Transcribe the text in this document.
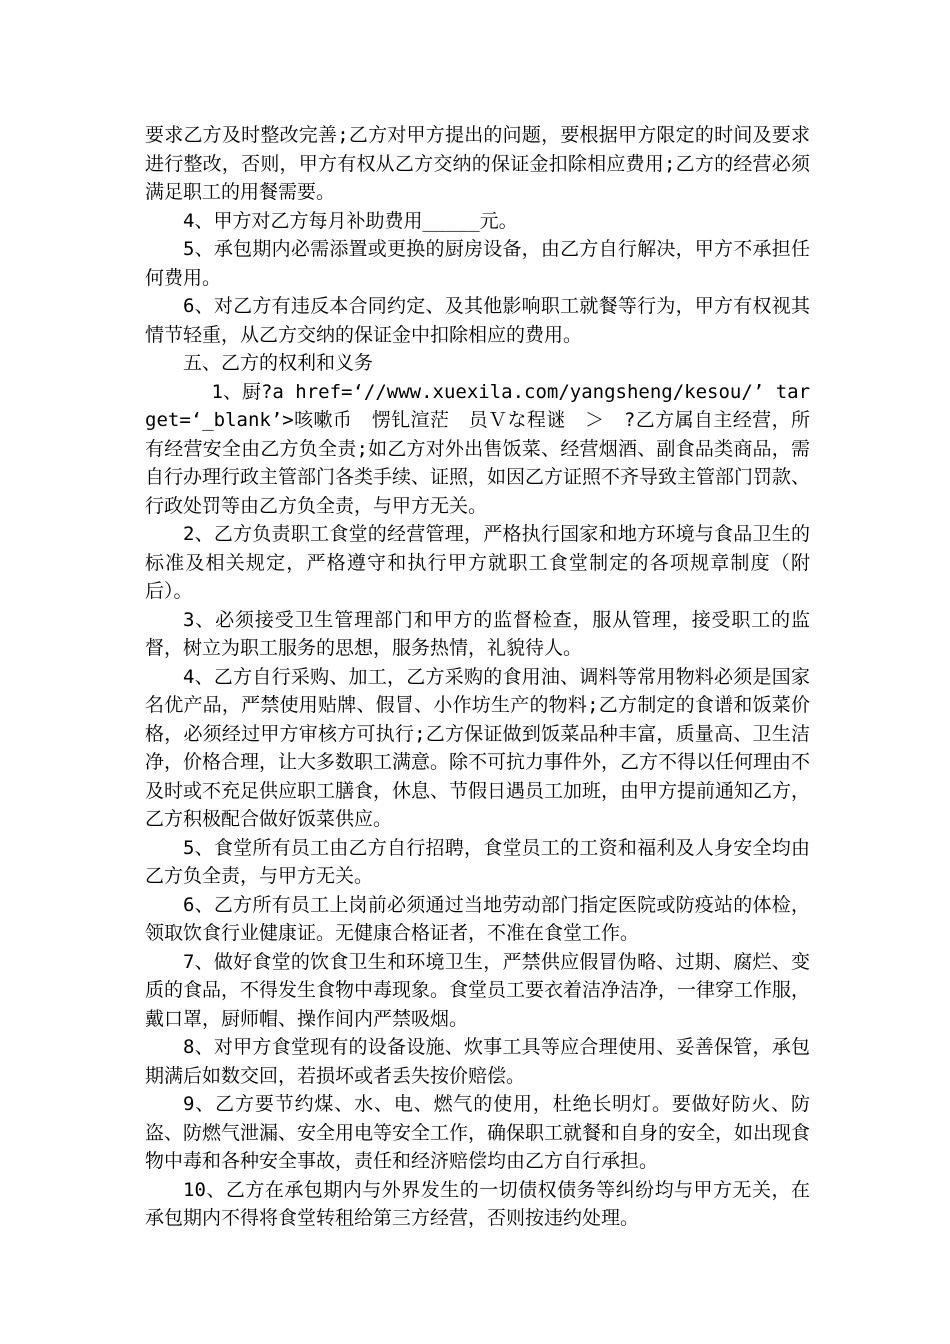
要求乙方及时整改完善;乙方对甲方提出的问题，要根据甲方限定的时间及要求进行整改，否则，甲方有权从乙方交纳的保证金扣除相应费用;乙方的经营必须满足职工的用餐需要。

4、甲方对乙方每月补助费用_____元。

5、承包期内必需添置或更换的厨房设备，由乙方自行解决，甲方不承担任何费用。

6、对乙方有违反本合同约定、及其他影响职工就餐等行为，甲方有权视其情节轻重，从乙方交纳的保证金中扣除相应的费用。

五、乙方的权利和义务

1、厨?a href=‘//www.xuexila.com/yangsheng/kesou/’ target=‘_blank’>咳嗽币　愣钆渲茫　员Ｖな程谜　＞　?乙方属自主经营，所有经营安全由乙方负全责;如乙方对外出售饭菜、经营烟酒、副食品类商品，需自行办理行政主管部门各类手续、证照，如因乙方证照不齐导致主管部门罚款、行政处罚等由乙方负全责，与甲方无关。

2、乙方负责职工食堂的经营管理，严格执行国家和地方环境与食品卫生的标准及相关规定，严格遵守和执行甲方就职工食堂制定的各项规章制度（附后）。

3、必须接受卫生管理部门和甲方的监督检查，服从管理，接受职工的监督，树立为职工服务的思想，服务热情，礼貌待人。

4、乙方自行采购、加工，乙方采购的食用油、调料等常用物料必须是国家名优产品，严禁使用贴牌、假冒、小作坊生产的物料;乙方制定的食谱和饭菜价格，必须经过甲方审核方可执行;乙方保证做到饭菜品种丰富，质量高、卫生洁净，价格合理，让大多数职工满意。除不可抗力事件外，乙方不得以任何理由不及时或不充足供应职工膳食，休息、节假日遇员工加班，由甲方提前通知乙方，乙方积极配合做好饭菜供应。

5、食堂所有员工由乙方自行招聘，食堂员工的工资和福利及人身安全均由乙方负全责，与甲方无关。

6、乙方所有员工上岗前必须通过当地劳动部门指定医院或防疫站的体检，领取饮食行业健康证。无健康合格证者，不准在食堂工作。

7、做好食堂的饮食卫生和环境卫生，严禁供应假冒伪略、过期、腐烂、变质的食品，不得发生食物中毒现象。食堂员工要衣着洁净洁净，一律穿工作服，戴口罩，厨师帽、操作间内严禁吸烟。

8、对甲方食堂现有的设备设施、炊事工具等应合理使用、妥善保管，承包期满后如数交回，若损坏或者丢失按价赔偿。

9、乙方要节约煤、水、电、燃气的使用，杜绝长明灯。要做好防火、防盗、防燃气泄漏、安全用电等安全工作，确保职工就餐和自身的安全，如出现食物中毒和各种安全事故，责任和经济赔偿均由乙方自行承担。

10、乙方在承包期内与外界发生的一切债权债务等纠纷均与甲方无关，在承包期内不得将食堂转租给第三方经营，否则按违约处理。
